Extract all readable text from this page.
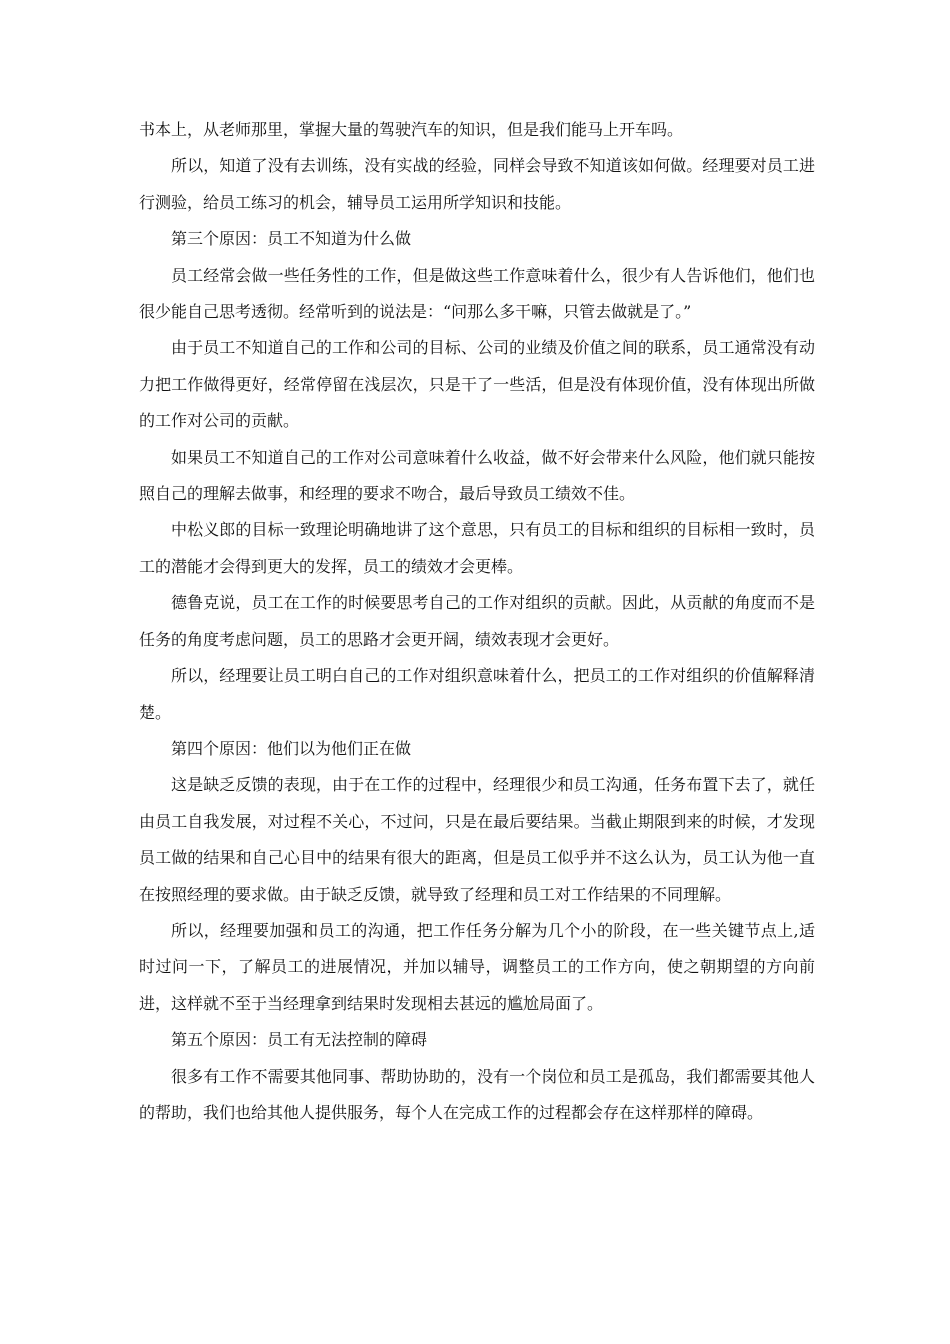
书本上，从老师那里，掌握大量的驾驶汽车的知识，但是我们能马上开车吗。

所以，知道了没有去训练，没有实战的经验，同样会导致不知道该如何做。经理要对员工进行测验，给员工练习的机会，辅导员工运用所学知识和技能。

第三个原因：员工不知道为什么做

员工经常会做一些任务性的工作，但是做这些工作意味着什么，很少有人告诉他们，他们也很少能自己思考透彻。经常听到的说法是：“问那么多干嘛，只管去做就是了。”

由于员工不知道自己的工作和公司的目标、公司的业绩及价值之间的联系，员工通常没有动力把工作做得更好，经常停留在浅层次，只是干了一些活，但是没有体现价值，没有体现出所做的工作对公司的贡献。

如果员工不知道自己的工作对公司意味着什么收益，做不好会带来什么风险，他们就只能按照自己的理解去做事，和经理的要求不吻合，最后导致员工绩效不佳。

中松义郎的目标一致理论明确地讲了这个意思，只有员工的目标和组织的目标相一致时，员工的潜能才会得到更大的发挥，员工的绩效才会更棒。

德鲁克说，员工在工作的时候要思考自己的工作对组织的贡献。因此，从贡献的角度而不是任务的角度考虑问题，员工的思路才会更开阔，绩效表现才会更好。

所以，经理要让员工明白自己的工作对组织意味着什么，把员工的工作对组织的价值解释清楚。

第四个原因：他们以为他们正在做

这是缺乏反馈的表现，由于在工作的过程中，经理很少和员工沟通，任务布置下去了，就任由员工自我发展，对过程不关心，不过问，只是在最后要结果。当截止期限到来的时候，才发现员工做的结果和自己心目中的结果有很大的距离，但是员工似乎并不这么认为，员工认为他一直在按照经理的要求做。由于缺乏反馈，就导致了经理和员工对工作结果的不同理解。

所以，经理要加强和员工的沟通，把工作任务分解为几个小的阶段，在一些关键节点上,适时过问一下，了解员工的进展情况，并加以辅导，调整员工的工作方向，使之朝期望的方向前进，这样就不至于当经理拿到结果时发现相去甚远的尴尬局面了。

第五个原因：员工有无法控制的障碍

很多有工作不需要其他同事、帮助协助的，没有一个岗位和员工是孤岛，我们都需要其他人的帮助，我们也给其他人提供服务，每个人在完成工作的过程都会存在这样那样的障碍。
